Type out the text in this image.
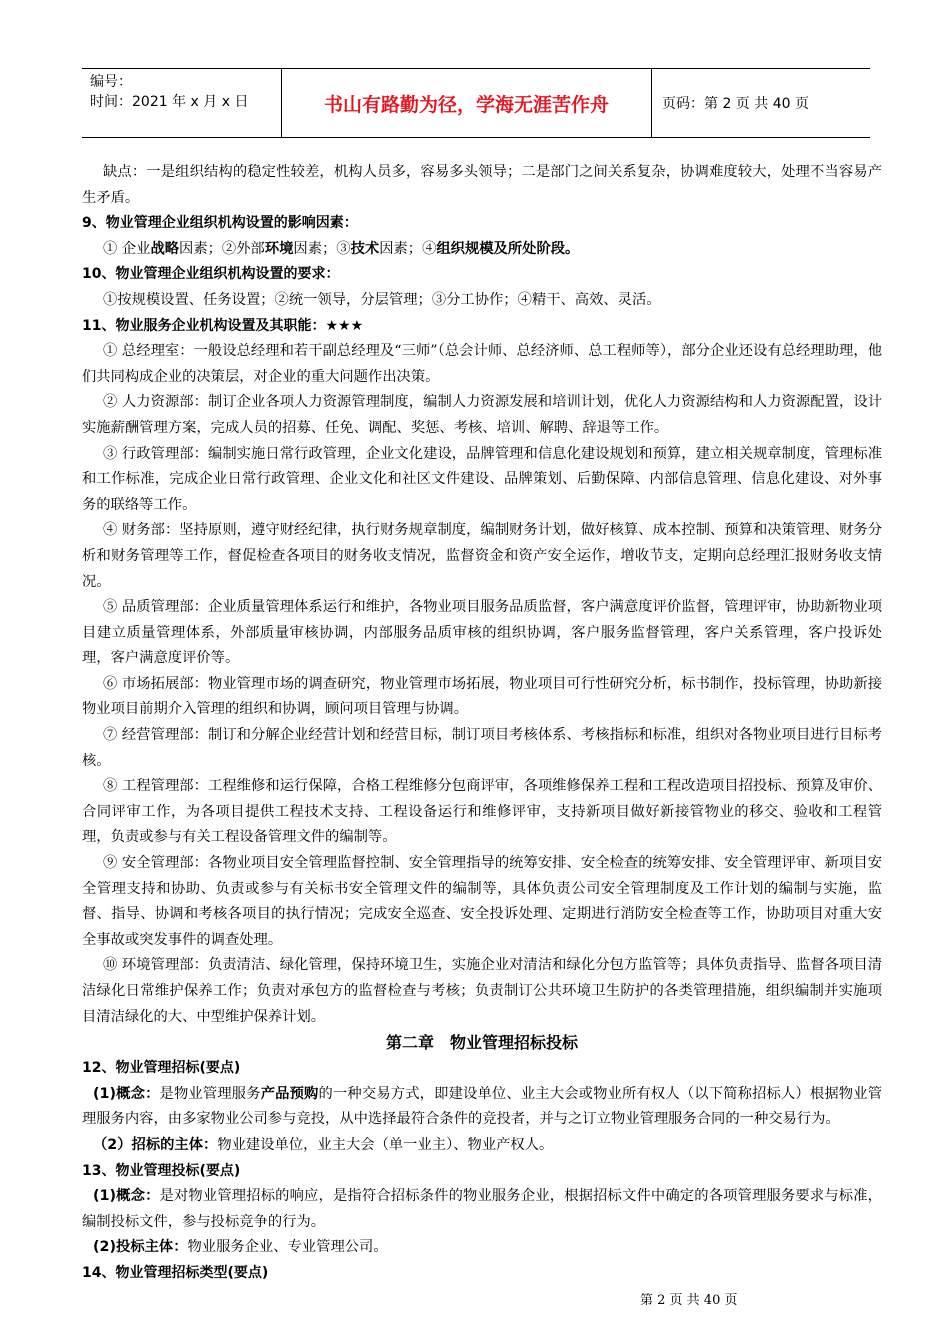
编号：
时间：2021 年 x 月 x 日	书山有路勤为径，学海无涯苦作舟	页码：第 2 页 共 40 页

缺点：一是组织结构的稳定性较差，机构人员多，容易多头领导；二是部门之间关系复杂，协调难度较大，处理不当容易产生矛盾。

9、物业管理企业组织机构设置的影响因素：

① 企业战略因素；②外部环境因素；③技术因素；④组织规模及所处阶段。

10、物业管理企业组织机构设置的要求：

①按规模设置、任务设置；②统一领导，分层管理；③分工协作；④精干、高效、灵活。

11、物业服务企业机构设置及其职能：★★★

① 总经理室：一般设总经理和若干副总经理及“三师”（总会计师、总经济师、总工程师等），部分企业还设有总经理助理，他们共同构成企业的决策层，对企业的重大问题作出决策。

② 人力资源部：制订企业各项人力资源管理制度，编制人力资源发展和培训计划，优化人力资源结构和人力资源配置，设计实施薪酬管理方案，完成人员的招募、任免、调配、奖惩、考核、培训、解聘、辞退等工作。

③ 行政管理部：编制实施日常行政管理，企业文化建设，品牌管理和信息化建设规划和预算，建立相关规章制度，管理标准和工作标准，完成企业日常行政管理、企业文化和社区文件建设、品牌策划、后勤保障、内部信息管理、信息化建设、对外事务的联络等工作。

④ 财务部：坚持原则，遵守财经纪律，执行财务规章制度，编制财务计划，做好核算、成本控制、预算和决策管理、财务分析和财务管理等工作，督促检查各项目的财务收支情况，监督资金和资产安全运作，增收节支，定期向总经理汇报财务收支情况。

⑤ 品质管理部：企业质量管理体系运行和维护，各物业项目服务品质监督，客户满意度评价监督，管理评审，协助新物业项目建立质量管理体系，外部质量审核协调，内部服务品质审核的组织协调，客户服务监督管理，客户关系管理，客户投诉处理，客户满意度评价等。

⑥ 市场拓展部：物业管理市场的调查研究，物业管理市场拓展，物业项目可行性研究分析，标书制作，投标管理，协助新接物业项目前期介入管理的组织和协调，顾问项目管理与协调。

⑦ 经营管理部：制订和分解企业经营计划和经营目标，制订项目考核体系、考核指标和标准，组织对各物业项目进行目标考核。

⑧ 工程管理部：工程维修和运行保障，合格工程维修分包商评审，各项维修保养工程和工程改造项目招投标、预算及审价、合同评审工作，为各项目提供工程技术支持、工程设备运行和维修评审，支持新项目做好新接管物业的移交、验收和工程管理，负责或参与有关工程设备管理文件的编制等。

⑨ 安全管理部：各物业项目安全管理监督控制、安全管理指导的统筹安排、安全检查的统筹安排、安全管理评审、新项目安全管理支持和协助、负责或参与有关标书安全管理文件的编制等，具体负责公司安全管理制度及工作计划的编制与实施，监督、指导、协调和考核各项目的执行情况；完成安全巡查、安全投诉处理、定期进行消防安全检查等工作，协助项目对重大安全事故或突发事件的调查处理。

⑩ 环境管理部：负责清洁、绿化管理，保持环境卫生，实施企业对清洁和绿化分包方监管等；具体负责指导、监督各项目清洁绿化日常维护保养工作；负责对承包方的监督检查与考核；负责制订公共环境卫生防护的各类管理措施，组织编制并实施项目清洁绿化的大、中型维护保养计划。

第二章　物业管理招标投标

12、物业管理招标(要点)

(1)概念：是物业管理服务产品预购的一种交易方式，即建设单位、业主大会或物业所有权人（以下简称招标人）根据物业管理服务内容，由多家物业公司参与竞投，从中选择最符合条件的竞投者，并与之订立物业管理服务合同的一种交易行为。

（2）招标的主体：物业建设单位，业主大会（单一业主）、物业产权人。

13、物业管理投标(要点)

(1)概念：是对物业管理招标的响应，是指符合招标条件的物业服务企业，根据招标文件中确定的各项管理服务要求与标准，编制投标文件，参与投标竞争的行为。

(2)投标主体：物业服务企业、专业管理公司。

14、物业管理招标类型(要点)

第 2 页 共 40 页
